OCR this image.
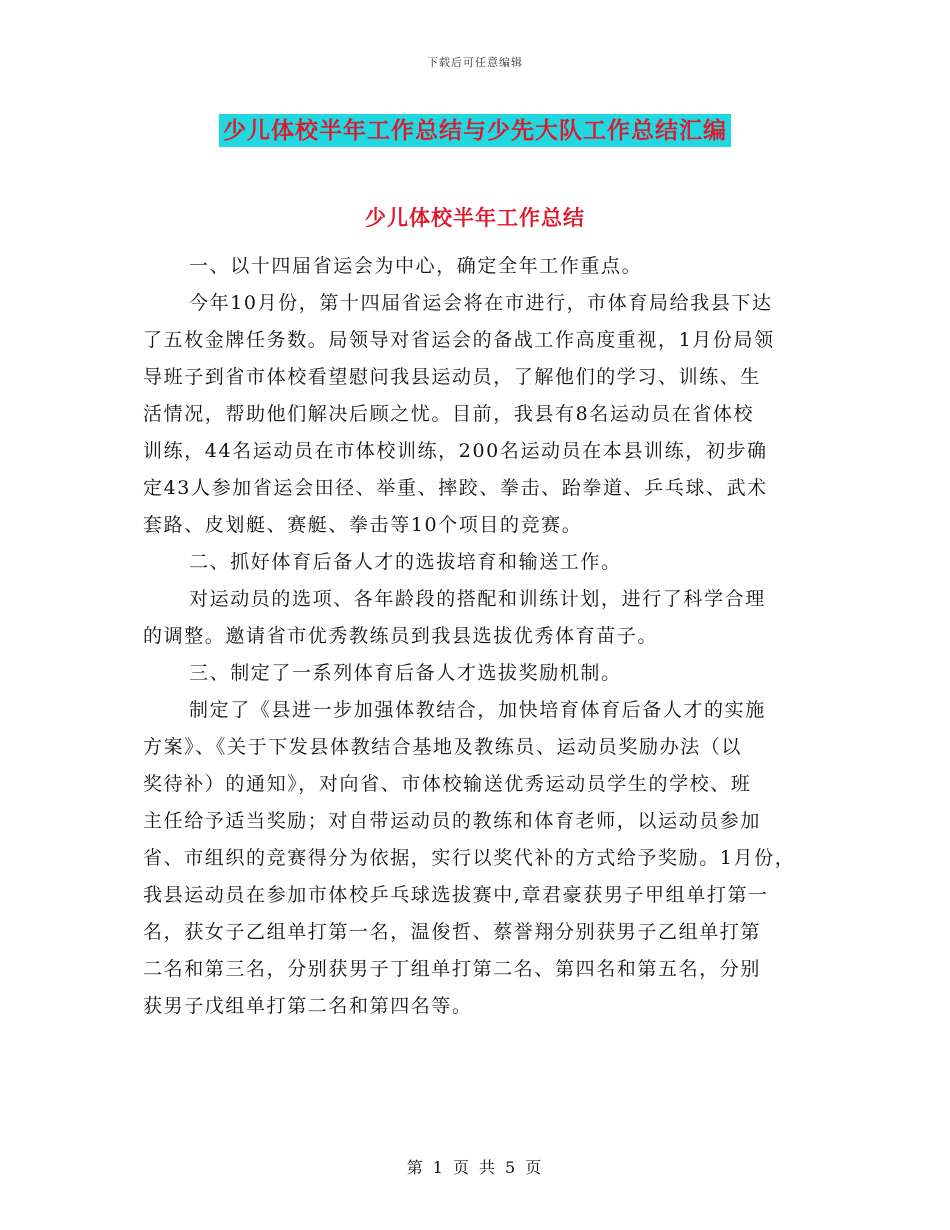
下载后可任意编辑
少儿体校半年工作总结与少先大队工作总结汇编
少儿体校半年工作总结
一、以十四届省运会为中心，确定全年工作重点。
今年10月份，第十四届省运会将在市进行，市体育局给我县下达
了五枚金牌任务数。局领导对省运会的备战工作高度重视，1月份局领
导班子到省市体校看望慰问我县运动员，了解他们的学习、训练、生
活情况，帮助他们解决后顾之忧。目前，我县有8名运动员在省体校
训练，44名运动员在市体校训练，200名运动员在本县训练，初步确
定43人参加省运会田径、举重、摔跤、拳击、跆拳道、乒乓球、武术
套路、皮划艇、赛艇、拳击等10个项目的竞赛。
二、抓好体育后备人才的选拔培育和输送工作。
对运动员的选项、各年龄段的搭配和训练计划，进行了科学合理
的调整。邀请省市优秀教练员到我县选拔优秀体育苗子。
三、制定了一系列体育后备人才选拔奖励机制。
制定了《县进一步加强体教结合，加快培育体育后备人才的实施
方案》、《关于下发县体教结合基地及教练员、运动员奖励办法（以
奖待补）的通知》，对向省、市体校输送优秀运动员学生的学校、班
主任给予适当奖励；对自带运动员的教练和体育老师，以运动员参加
省、市组织的竞赛得分为依据，实行以奖代补的方式给予奖励。1月份，
我县运动员在参加市体校乒乓球选拔赛中,章君豪获男子甲组单打第一
名，获女子乙组单打第一名，温俊哲、蔡誉翔分别获男子乙组单打第
二名和第三名，分别获男子丁组单打第二名、第四名和第五名，分别
获男子戊组单打第二名和第四名等。
第 1 页 共 5 页
